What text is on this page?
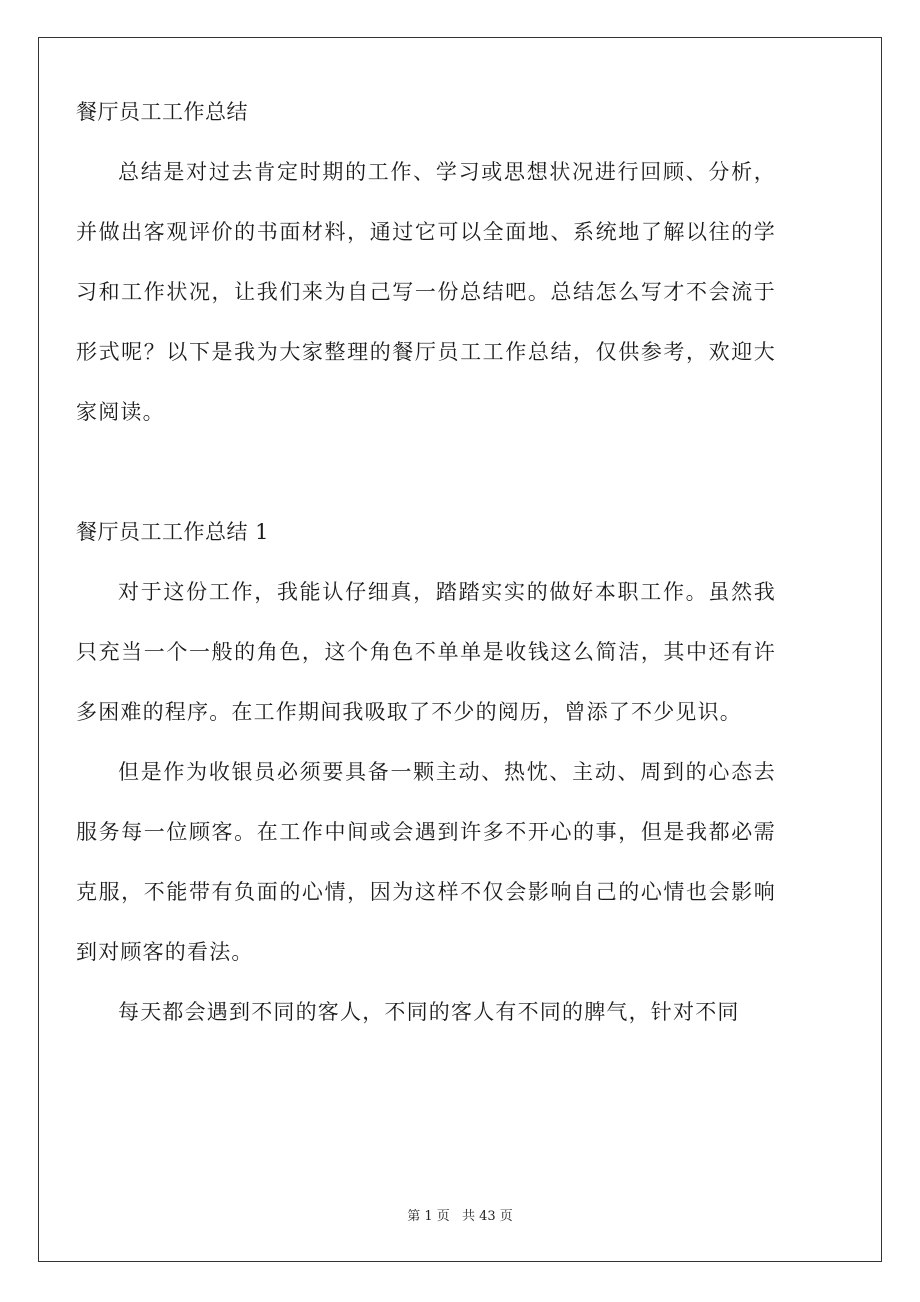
餐厅员工工作总结

总结是对过去肯定时期的工作、学习或思想状况进行回顾、分析，并做出客观评价的书面材料，通过它可以全面地、系统地了解以往的学习和工作状况，让我们来为自己写一份总结吧。总结怎么写才不会流于形式呢？以下是我为大家整理的餐厅员工工作总结，仅供参考，欢迎大家阅读。

餐厅员工工作总结 1

对于这份工作，我能认仔细真，踏踏实实的做好本职工作。虽然我只充当一个一般的角色，这个角色不单单是收钱这么简洁，其中还有许多困难的程序。在工作期间我吸取了不少的阅历，曾添了不少见识。

但是作为收银员必须要具备一颗主动、热忱、主动、周到的心态去服务每一位顾客。在工作中间或会遇到许多不开心的事，但是我都必需克服，不能带有负面的心情，因为这样不仅会影响自己的心情也会影响到对顾客的看法。

每天都会遇到不同的客人，不同的客人有不同的脾气，针对不同

第 1 页 共 43 页
